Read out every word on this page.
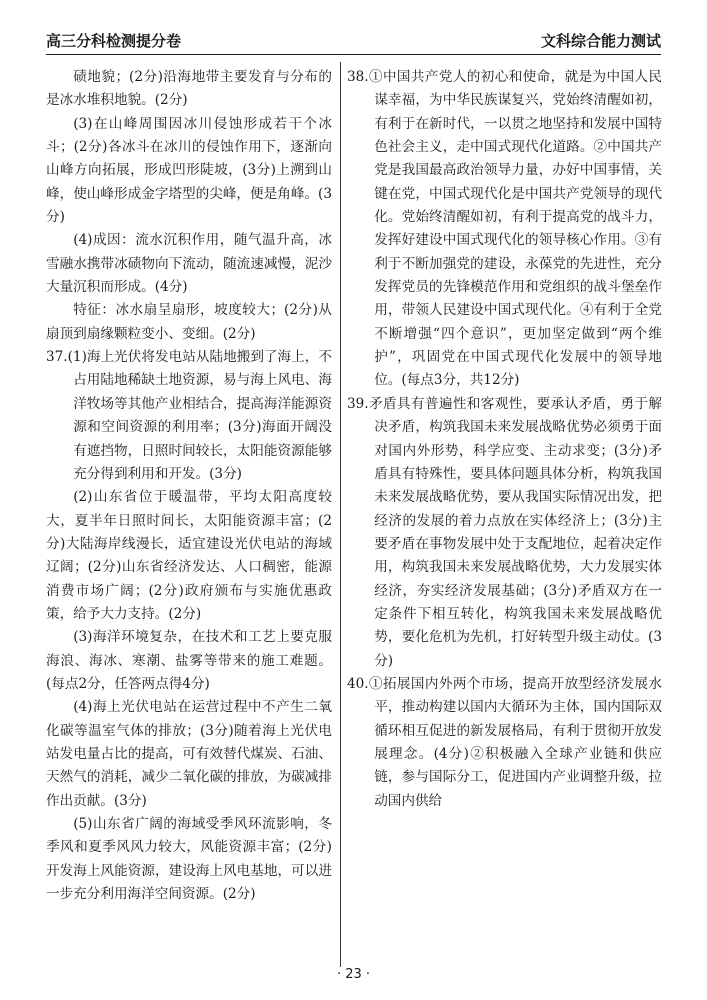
高三分科检测提分卷	文科综合能力测试

碛地貌；(2分)沿海地带主要发育与分布的是冰水堆积地貌。(2分)

(3)在山峰周围因冰川侵蚀形成若干个冰斗；(2分)各冰斗在冰川的侵蚀作用下，逐渐向山峰方向拓展，形成凹形陡坡，(3分)上溯到山峰，使山峰形成金字塔型的尖峰，便是角峰。(3分)

(4)成因：流水沉积作用，随气温升高，冰雪融水携带冰碛物向下流动，随流速减慢，泥沙大量沉积而形成。(4分)

特征：冰水扇呈扇形，坡度较大；(2分)从扇顶到扇缘颗粒变小、变细。(2分)

37.(1)海上光伏将发电站从陆地搬到了海上，不占用陆地稀缺土地资源，易与海上风电、海洋牧场等其他产业相结合，提高海洋能源资源和空间资源的利用率；(3分)海面开阔没有遮挡物，日照时间较长，太阳能资源能够充分得到利用和开发。(3分)

(2)山东省位于暖温带，平均太阳高度较大，夏半年日照时间长，太阳能资源丰富；(2分)大陆海岸线漫长，适宜建设光伏电站的海域辽阔；(2分)山东省经济发达、人口稠密，能源消费市场广阔；(2分)政府颁布与实施优惠政策，给予大力支持。(2分)

(3)海洋环境复杂，在技术和工艺上要克服海浪、海冰、寒潮、盐雾等带来的施工难题。(每点2分，任答两点得4分)

(4)海上光伏电站在运营过程中不产生二氧化碳等温室气体的排放；(3分)随着海上光伏电站发电量占比的提高，可有效替代煤炭、石油、天然气的消耗，减少二氧化碳的排放，为碳减排作出贡献。(3分)

(5)山东省广阔的海域受季风环流影响，冬季风和夏季风风力较大，风能资源丰富；(2分)开发海上风能资源，建设海上风电基地，可以进一步充分利用海洋空间资源。(2分)

38.①中国共产党人的初心和使命，就是为中国人民谋幸福，为中华民族谋复兴，党始终清醒如初，有利于在新时代，一以贯之地坚持和发展中国特色社会主义，走中国式现代化道路。②中国共产党是我国最高政治领导力量，办好中国事情，关键在党，中国式现代化是中国共产党领导的现代化。党始终清醒如初，有利于提高党的战斗力，发挥好建设中国式现代化的领导核心作用。③有利于不断加强党的建设，永葆党的先进性，充分发挥党员的先锋模范作用和党组织的战斗堡垒作用，带领人民建设中国式现代化。④有利于全党不断增强“四个意识”，更加坚定做到“两个维护”，巩固党在中国式现代化发展中的领导地位。(每点3分，共12分)

39.矛盾具有普遍性和客观性，要承认矛盾，勇于解决矛盾，构筑我国未来发展战略优势必须勇于面对国内外形势，科学应变、主动求变；(3分)矛盾具有特殊性，要具体问题具体分析，构筑我国未来发展战略优势，要从我国实际情况出发，把经济的发展的着力点放在实体经济上；(3分)主要矛盾在事物发展中处于支配地位，起着决定作用，构筑我国未来发展战略优势，大力发展实体经济，夯实经济发展基础；(3分)矛盾双方在一定条件下相互转化，构筑我国未来发展战略优势，要化危机为先机，打好转型升级主动仗。(3分)

40.①拓展国内外两个市场，提高开放型经济发展水平，推动构建以国内大循环为主体，国内国际双循环相互促进的新发展格局，有利于贯彻开放发展理念。(4分)②积极融入全球产业链和供应链，参与国际分工，促进国内产业调整升级，拉动国内供给

· 23 ·
